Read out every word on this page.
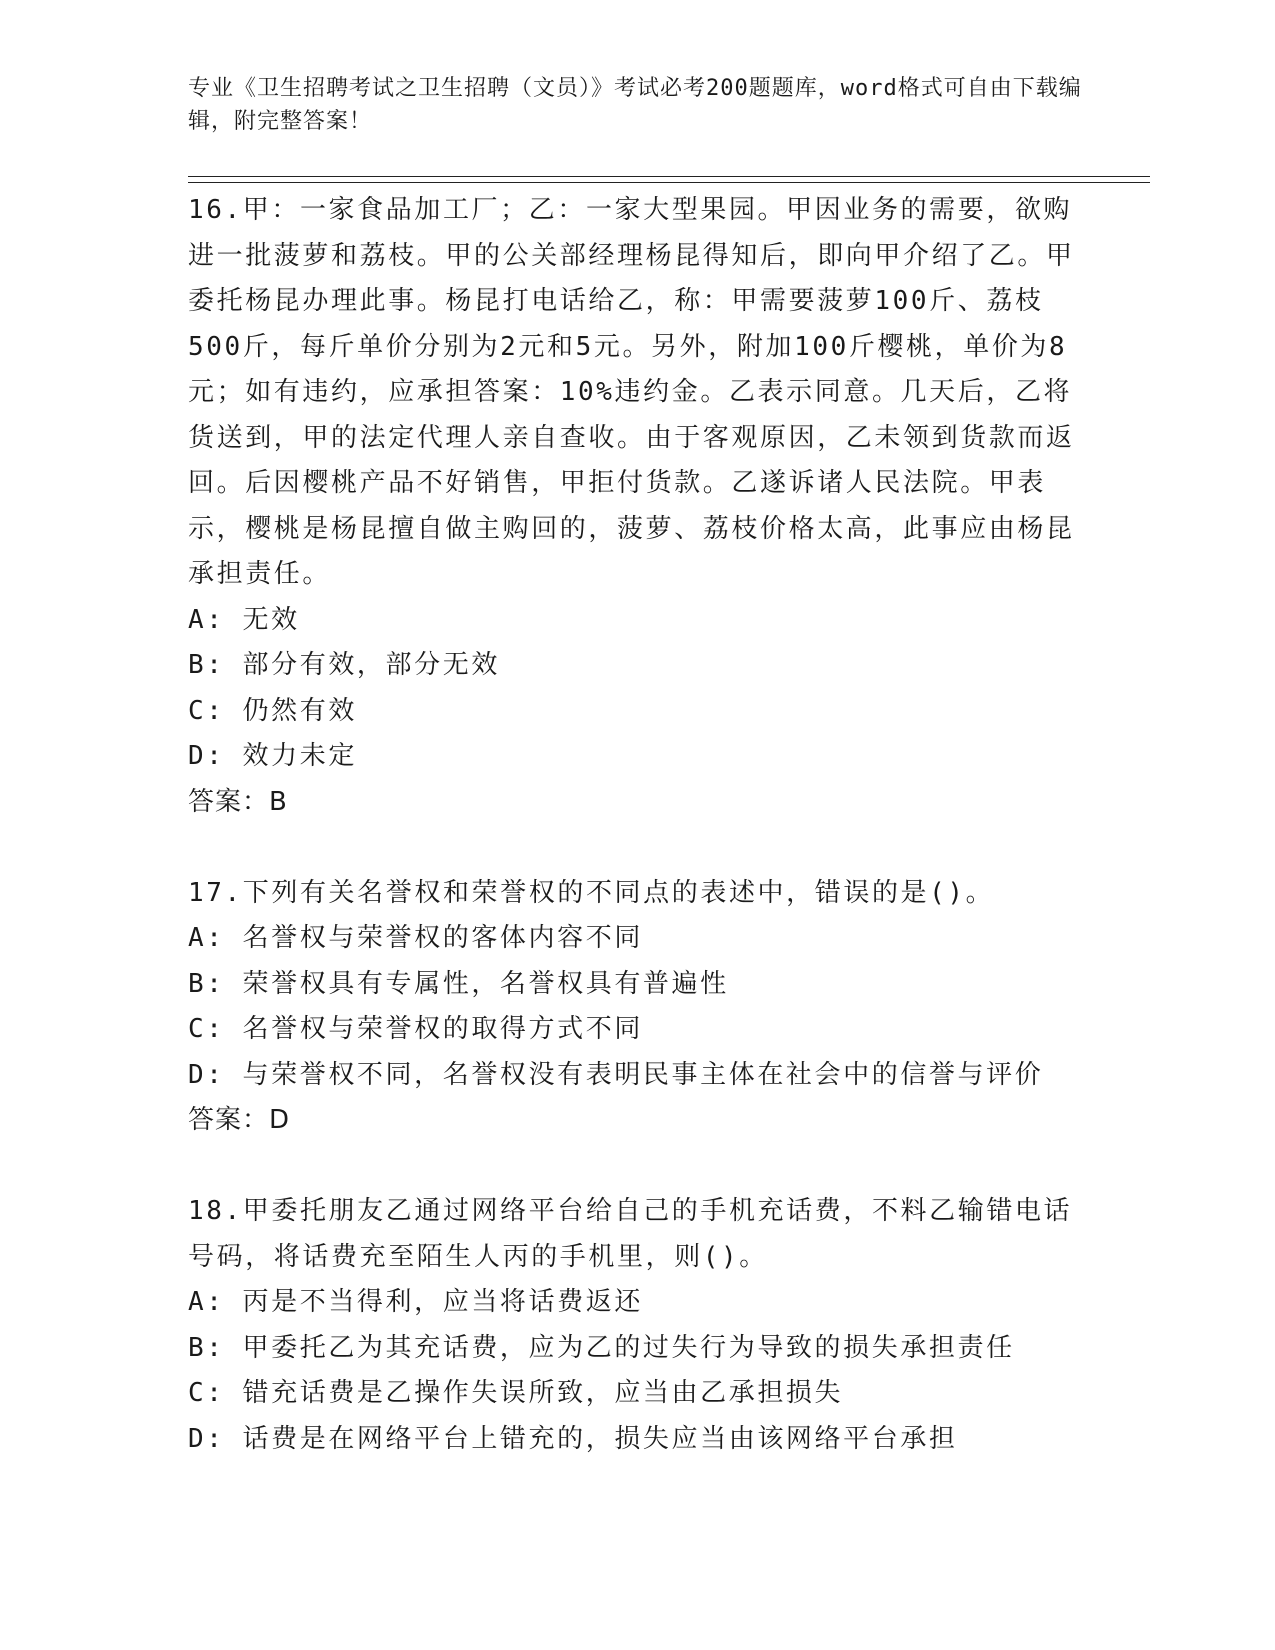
专业《卫生招聘考试之卫生招聘（文员）》考试必考200题题库，word格式可自由下载编辑，附完整答案！

16.甲：一家食品加工厂；乙：一家大型果园。甲因业务的需要，欲购进一批菠萝和荔枝。甲的公关部经理杨昆得知后，即向甲介绍了乙。甲委托杨昆办理此事。杨昆打电话给乙，称：甲需要菠萝100斤、荔枝500斤，每斤单价分别为2元和5元。另外，附加100斤樱桃，单价为8元；如有违约，应承担答案：10%违约金。乙表示同意。几天后，乙将货送到，甲的法定代理人亲自查收。由于客观原因，乙未领到货款而返回。后因樱桃产品不好销售，甲拒付货款。乙遂诉诸人民法院。甲表示，樱桃是杨昆擅自做主购回的，菠萝、荔枝价格太高，此事应由杨昆承担责任。

A: 无效

B: 部分有效，部分无效

C: 仍然有效

D: 效力未定

答案：B

17.下列有关名誉权和荣誉权的不同点的表述中，错误的是()。

A: 名誉权与荣誉权的客体内容不同

B: 荣誉权具有专属性，名誉权具有普遍性

C: 名誉权与荣誉权的取得方式不同

D: 与荣誉权不同，名誉权没有表明民事主体在社会中的信誉与评价

答案：D

18.甲委托朋友乙通过网络平台给自己的手机充话费，不料乙输错电话号码，将话费充至陌生人丙的手机里，则()。

A: 丙是不当得利，应当将话费返还

B: 甲委托乙为其充话费，应为乙的过失行为导致的损失承担责任

C: 错充话费是乙操作失误所致，应当由乙承担损失

D: 话费是在网络平台上错充的，损失应当由该网络平台承担
